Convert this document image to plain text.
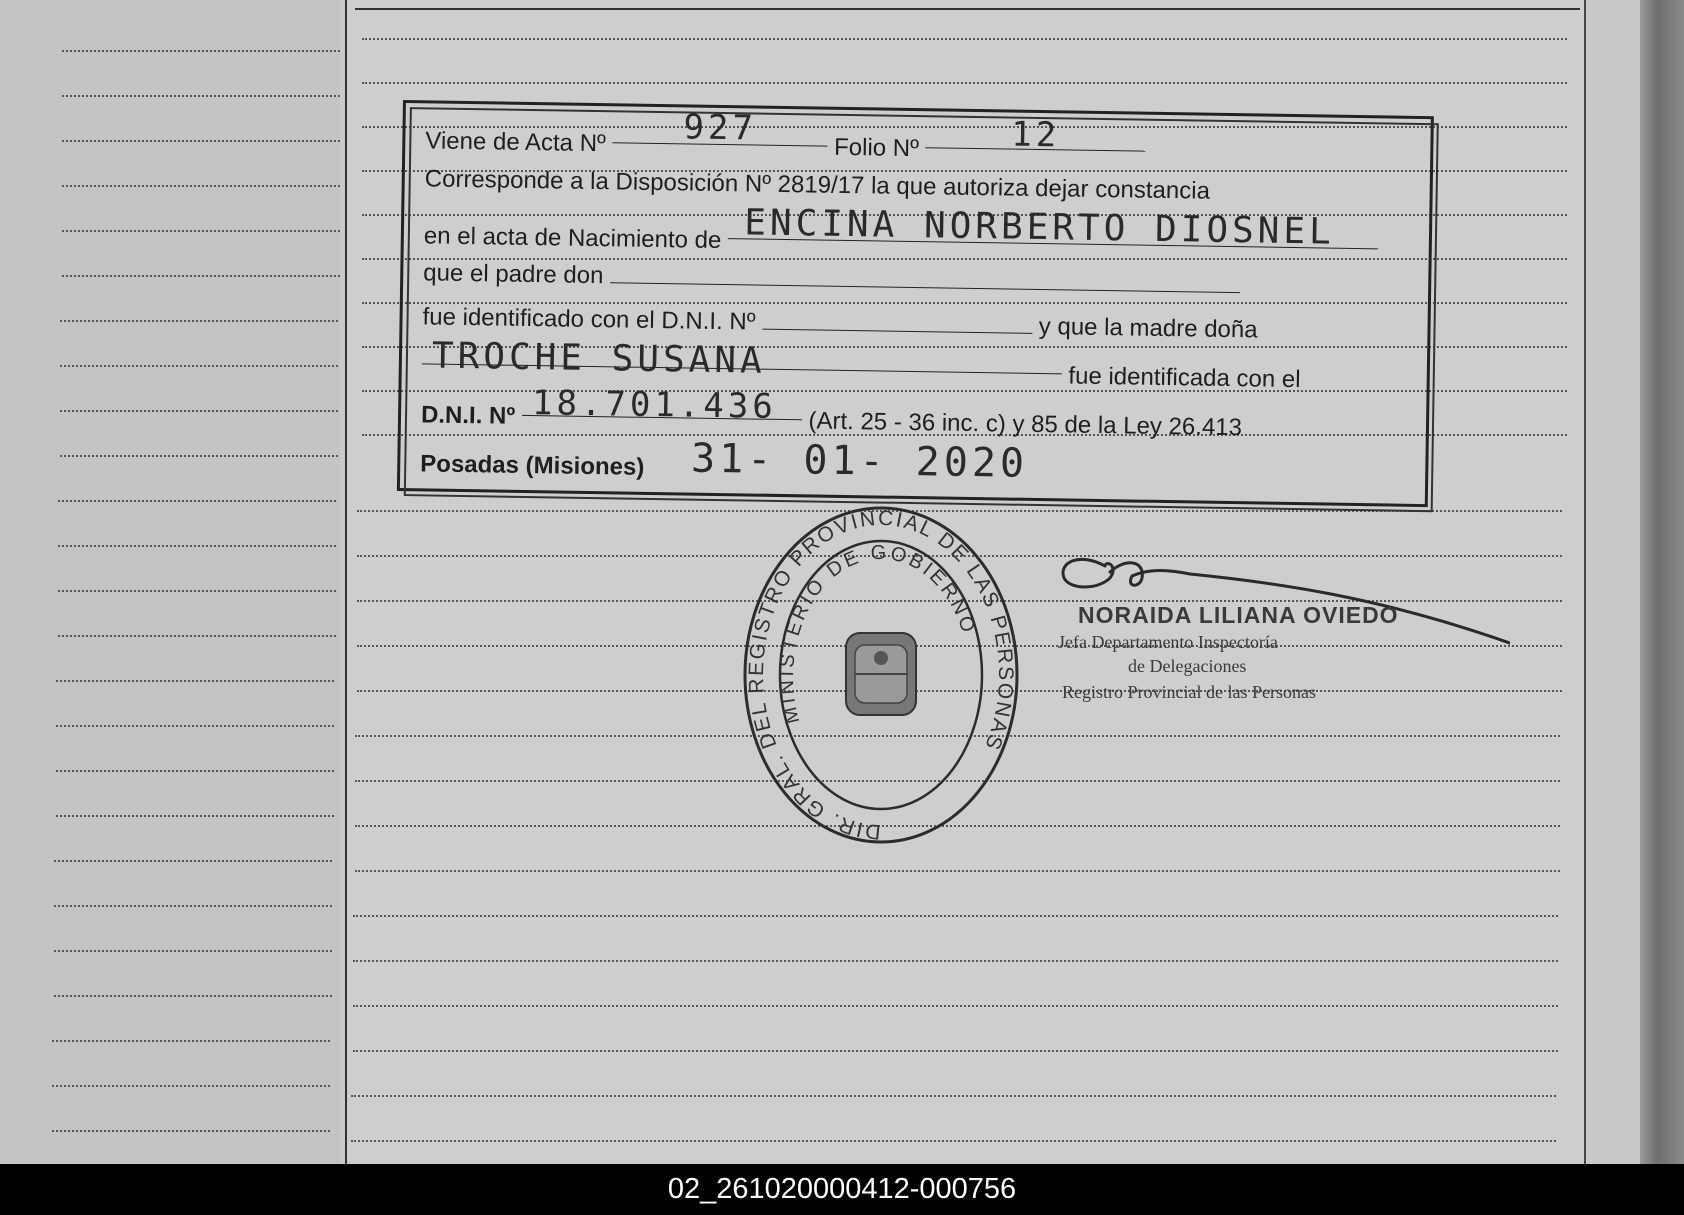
Viene de Acta Nº 927	Folio Nº	12
Corresponde a la Disposición Nº 2819/17 la que autoriza dejar constancia
en el acta de Nacimiento de ENCINA NORBERTO DIOSNEL
que el padre don
fue identificado con el D.N.I. Nº	y que la madre doña
TROCHE SUSANA	fue identificada con el
D.N.I. Nº 18.701.436 (Art. 25 - 36 inc. c) y 85 de la Ley 26.413
Posadas (Misiones) 31- 01- 2020
DIR. GRAL. DEL REGISTRO PROVINCIAL DE LAS PERSONAS
MINISTERIO DE GOBIERNO	NORAIDA LILIANA OVIEDO
Jefa Departamento Inspectoría
de Delegaciones
Registro Provincial de las Personas
02_261020000412-000756
